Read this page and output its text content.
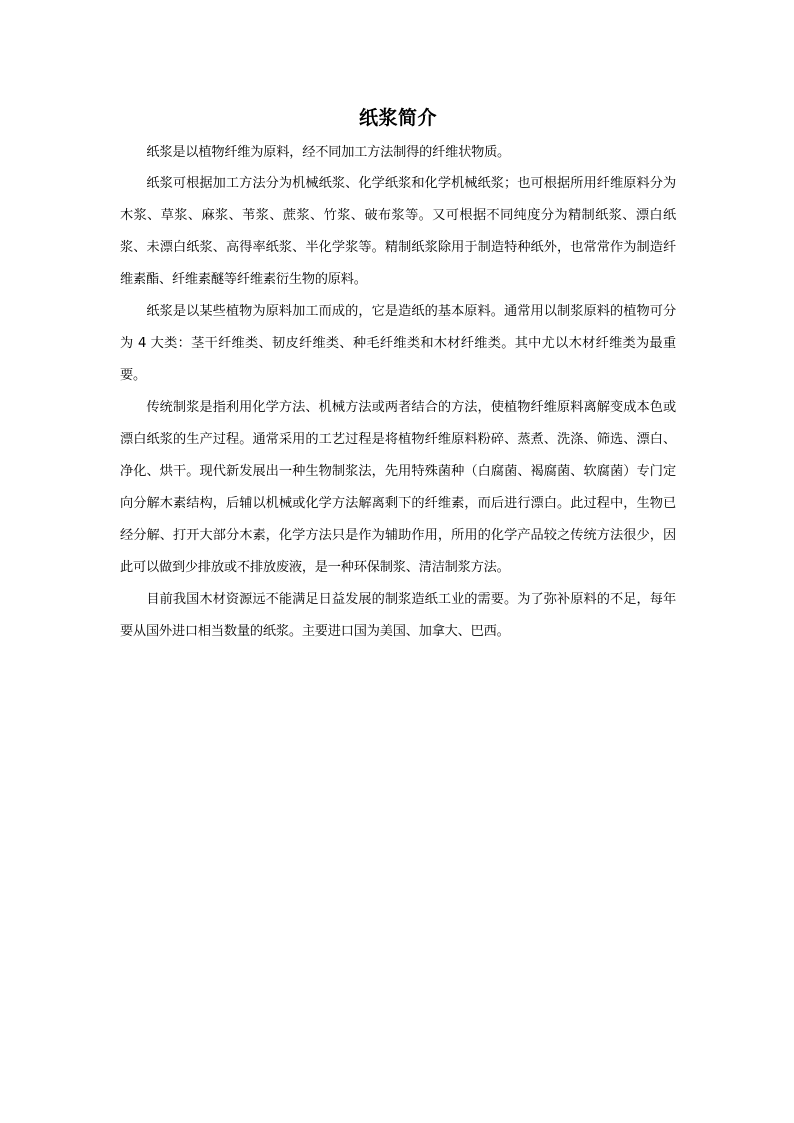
纸浆简介

纸浆是以植物纤维为原料，经不同加工方法制得的纤维状物质。

纸浆可根据加工方法分为机械纸浆、化学纸浆和化学机械纸浆；也可根据所用纤维原料分为木浆、草浆、麻浆、苇浆、蔗浆、竹浆、破布浆等。又可根据不同纯度分为精制纸浆、漂白纸浆、未漂白纸浆、高得率纸浆、半化学浆等。精制纸浆除用于制造特种纸外，也常常作为制造纤维素酯、纤维素醚等纤维素衍生物的原料。

纸浆是以某些植物为原料加工而成的，它是造纸的基本原料。通常用以制浆原料的植物可分为 4 大类：茎干纤维类、韧皮纤维类、种毛纤维类和木材纤维类。其中尤以木材纤维类为最重要。

传统制浆是指利用化学方法、机械方法或两者结合的方法，使植物纤维原料离解变成本色或漂白纸浆的生产过程。通常采用的工艺过程是将植物纤维原料粉碎、蒸煮、洗涤、筛选、漂白、净化、烘干。现代新发展出一种生物制浆法，先用特殊菌种（白腐菌、褐腐菌、软腐菌）专门定向分解木素结构，后辅以机械或化学方法解离剩下的纤维素，而后进行漂白。此过程中，生物已经分解、打开大部分木素，化学方法只是作为辅助作用，所用的化学产品较之传统方法很少，因此可以做到少排放或不排放废液，是一种环保制浆、清洁制浆方法。

目前我国木材资源远不能满足日益发展的制浆造纸工业的需要。为了弥补原料的不足，每年要从国外进口相当数量的纸浆。主要进口国为美国、加拿大、巴西。
